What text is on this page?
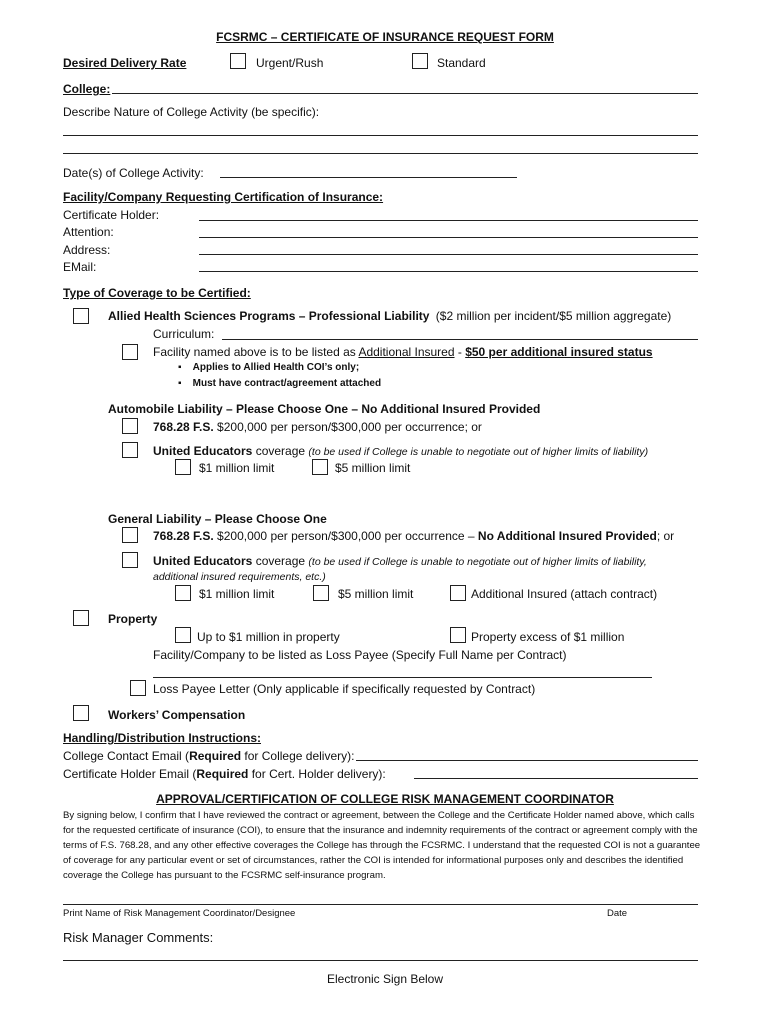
FCSRMC – CERTIFICATE OF INSURANCE REQUEST FORM
Desired Delivery Rate	Urgent/Rush	Standard
College:
Describe Nature of College Activity (be specific):
Date(s) of College Activity:
Facility/Company Requesting Certification of Insurance:
Certificate Holder:
Attention:
Address:
EMail:
Type of Coverage to be Certified:
Allied Health Sciences Programs – Professional Liability ($2 million per incident/$5 million aggregate)
Curriculum:
Facility named above is to be listed as Additional Insured - $50 per additional insured status
▪    Applies to Allied Health COI’s only;
▪    Must have contract/agreement attached
Automobile Liability – Please Choose One – No Additional Insured Provided
768.28 F.S. $200,000 per person/$300,000 per occurrence; or
United Educators coverage (to be used if College is unable to negotiate out of higher limits of liability)
$1 million limit	$5 million limit
General Liability – Please Choose One
768.28 F.S. $200,000 per person/$300,000 per occurrence – No Additional Insured Provided; or
United Educators coverage (to be used if College is unable to negotiate out of higher limits of liability,
additional insured requirements, etc.)
$1 million limit	$5 million limit	Additional Insured (attach contract)
Property
Up to $1 million in property	Property excess of $1 million
Facility/Company to be listed as Loss Payee (Specify Full Name per Contract)
Loss Payee Letter (Only applicable if specifically requested by Contract)
Workers’ Compensation
Handling/Distribution Instructions:
College Contact Email (Required for College delivery):
Certificate Holder Email (Required for Cert. Holder delivery):
APPROVAL/CERTIFICATION OF COLLEGE RISK MANAGEMENT COORDINATOR
By signing below, I confirm that I have reviewed the contract or agreement, between the College and the Certificate Holder named above, which calls for the requested certificate of insurance (COI), to ensure that the insurance and indemnity requirements of the contract or agreement comply with the terms of F.S. 768.28, and any other effective coverages the College has through the FCSRMC. I understand that the requested COI is not a guarantee of coverage for any particular event or set of circumstances, rather the COI is intended for informational purposes only and describes the identified coverage the College has pursuant to the FCSRMC self-insurance program.
Print Name of Risk Management Coordinator/Designee	Date
Risk Manager Comments:
Electronic Sign Below
